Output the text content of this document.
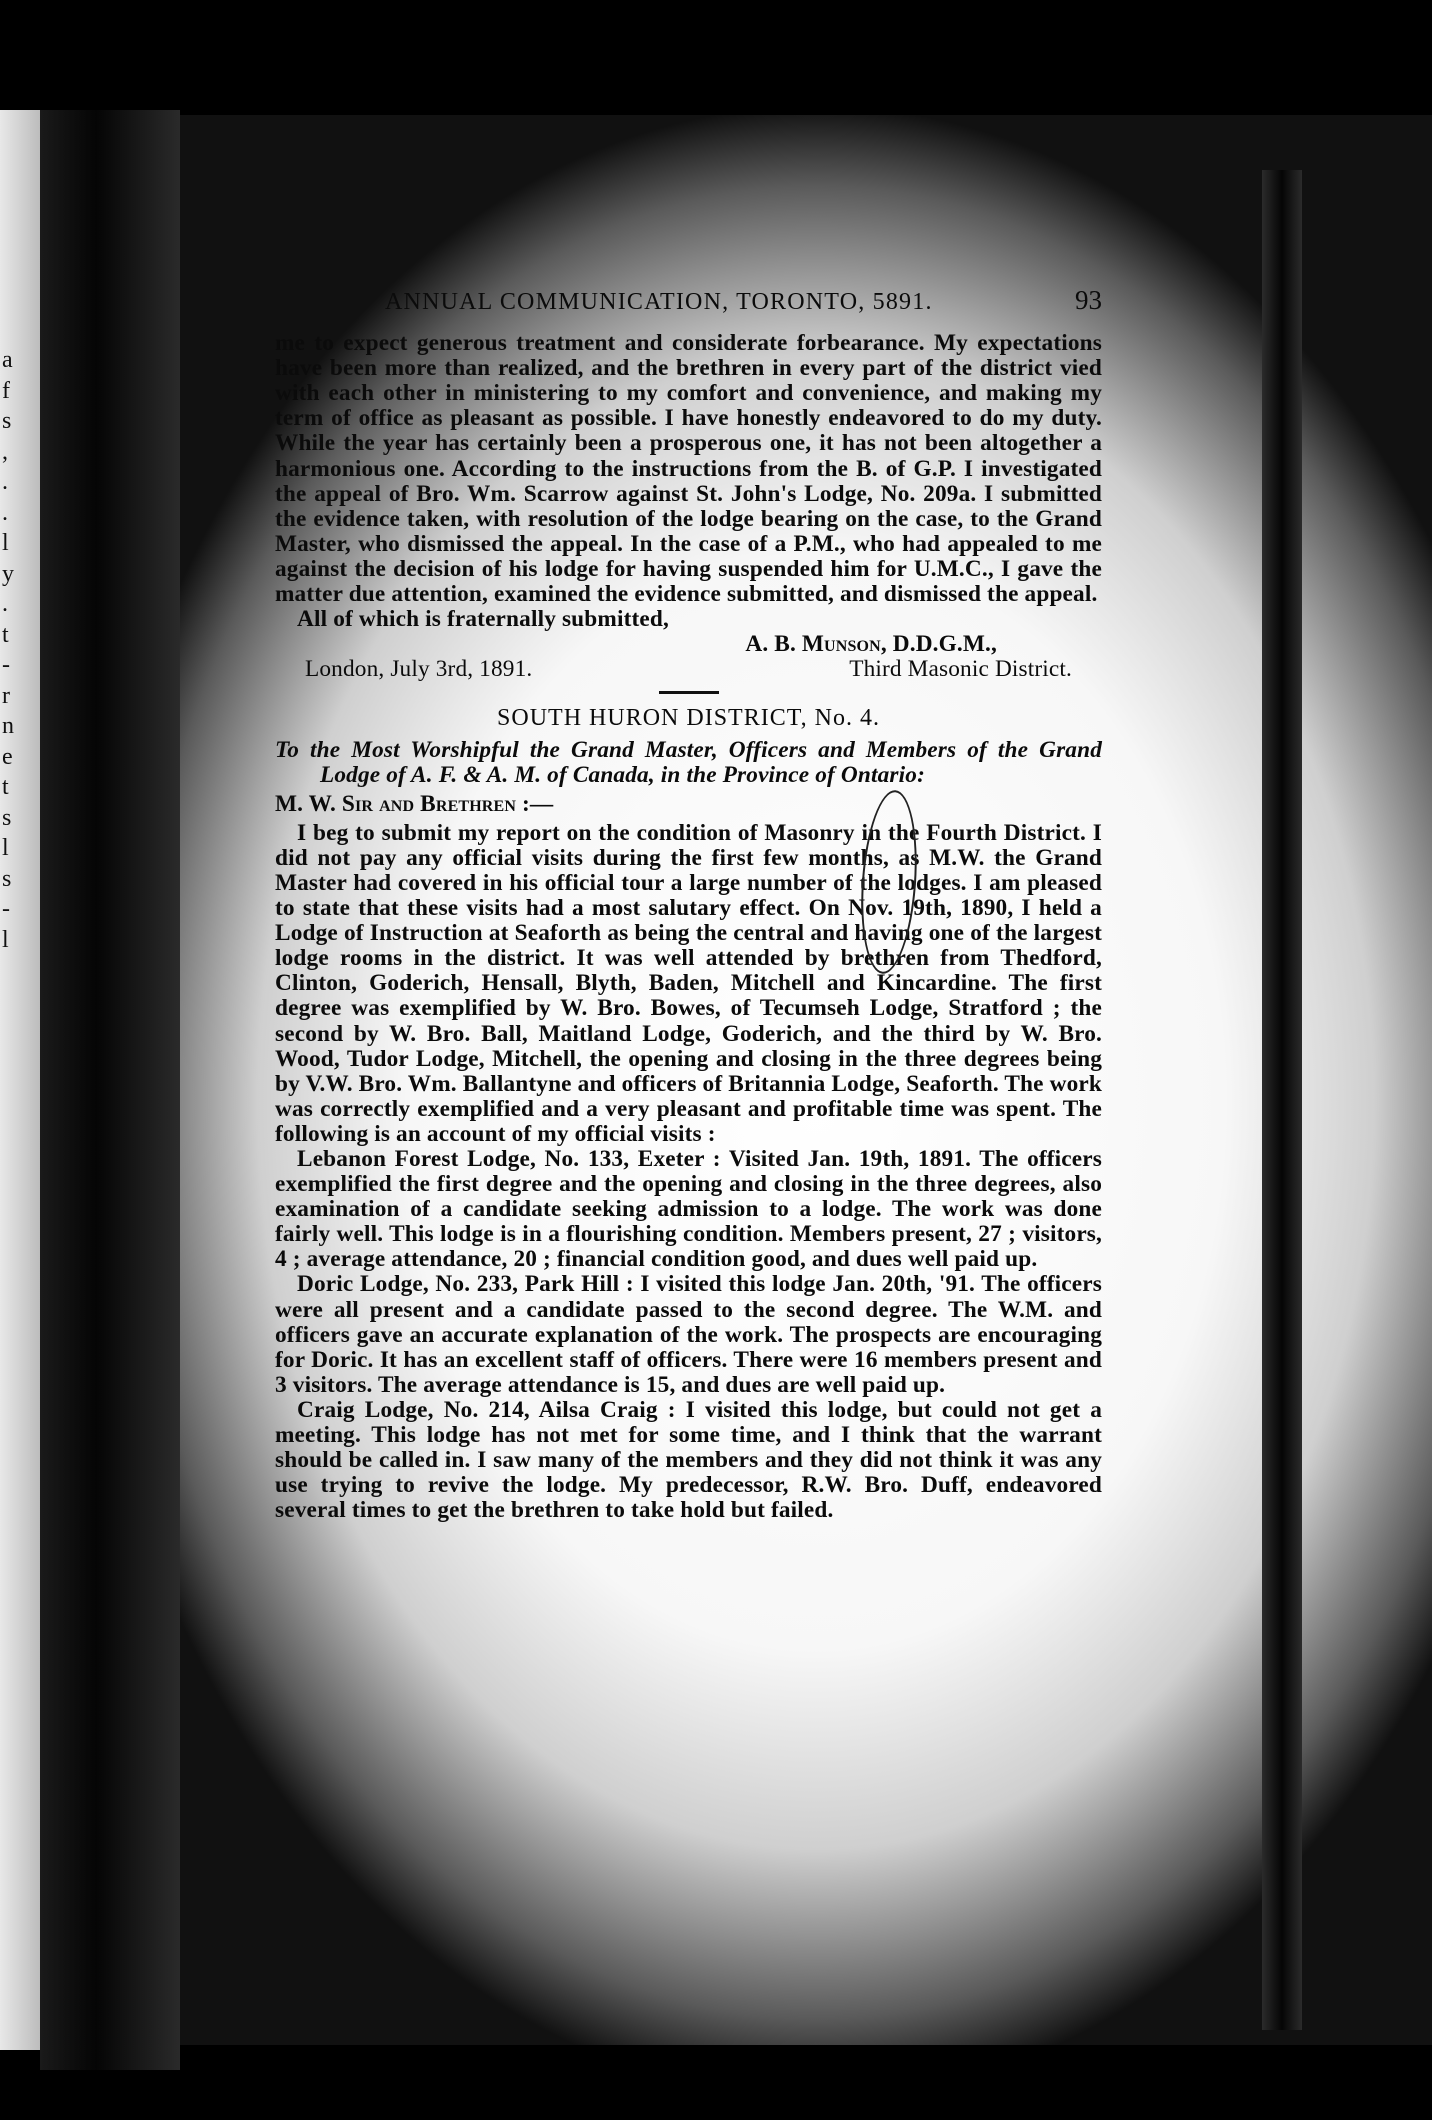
a
f
s
,
.
.
l
y
.
t
-
r
n
e
t
s
l
s
-
l
ANNUAL COMMUNICATION, TORONTO, 5891.	93

me to expect generous treatment and considerate forbearance. My expectations have been more than realized, and the brethren in every part of the district vied with each other in ministering to my comfort and convenience, and making my term of office as pleasant as possible. I have honestly endeavored to do my duty. While the year has certainly been a prosperous one, it has not been altogether a harmonious one. According to the instructions from the B. of G.P. I investigated the appeal of Bro. Wm. Scarrow against St. John's Lodge, No. 209a. I submitted the evidence taken, with resolution of the lodge bearing on the case, to the Grand Master, who dismissed the appeal. In the case of a P.M., who had appealed to me against the decision of his lodge for having suspended him for U.M.C., I gave the matter due attention, examined the evidence submitted, and dismissed the appeal.

All of which is fraternally submitted,

A. B. Munson , D.D.G.M.,
London, July 3rd, 1891.	Third Masonic District.
SOUTH HURON DISTRICT, No. 4.

To the Most Worshipful the Grand Master, Officers and Members of the Grand Lodge of A. F. & A. M. of Canada, in the Province of Ontario:

M. W. Sir and Brethren :—

I beg to submit my report on the condition of Masonry in the Fourth District. I did not pay any official visits during the first few months, as M.W. the Grand Master had covered in his official tour a large number of the lodges. I am pleased to state that these visits had a most salutary effect. On Nov. 19th, 1890, I held a Lodge of Instruction at Seaforth as being the central and having one of the largest lodge rooms in the district. It was well attended by brethren from Thedford, Clinton, Goderich, Hensall, Blyth, Baden, Mitchell and Kincardine. The first degree was exemplified by W. Bro. Bowes, of Tecumseh Lodge, Stratford ; the second by W. Bro. Ball, Maitland Lodge, Goderich, and the third by W. Bro. Wood, Tudor Lodge, Mitchell, the opening and closing in the three degrees being by V.W. Bro. Wm. Ballantyne and officers of Britannia Lodge, Seaforth. The work was correctly exemplified and a very pleasant and profitable time was spent. The following is an account of my official visits :

Lebanon Forest Lodge, No. 133, Exeter : Visited Jan. 19th, 1891. The officers exemplified the first degree and the opening and closing in the three degrees, also examination of a candidate seeking admission to a lodge. The work was done fairly well. This lodge is in a flourishing condition. Members present, 27 ; visitors, 4 ; average attendance, 20 ; financial condition good, and dues well paid up.

Doric Lodge, No. 233, Park Hill : I visited this lodge Jan. 20th, '91. The officers were all present and a candidate passed to the second degree. The W.M. and officers gave an accurate explanation of the work. The prospects are encouraging for Doric. It has an excellent staff of officers. There were 16 members present and 3 visitors. The average attendance is 15, and dues are well paid up.

Craig Lodge, No. 214, Ailsa Craig : I visited this lodge, but could not get a meeting. This lodge has not met for some time, and I think that the warrant should be called in. I saw many of the members and they did not think it was any use trying to revive the lodge. My predecessor, R.W. Bro. Duff, endeavored several times to get the brethren to take hold but failed.
